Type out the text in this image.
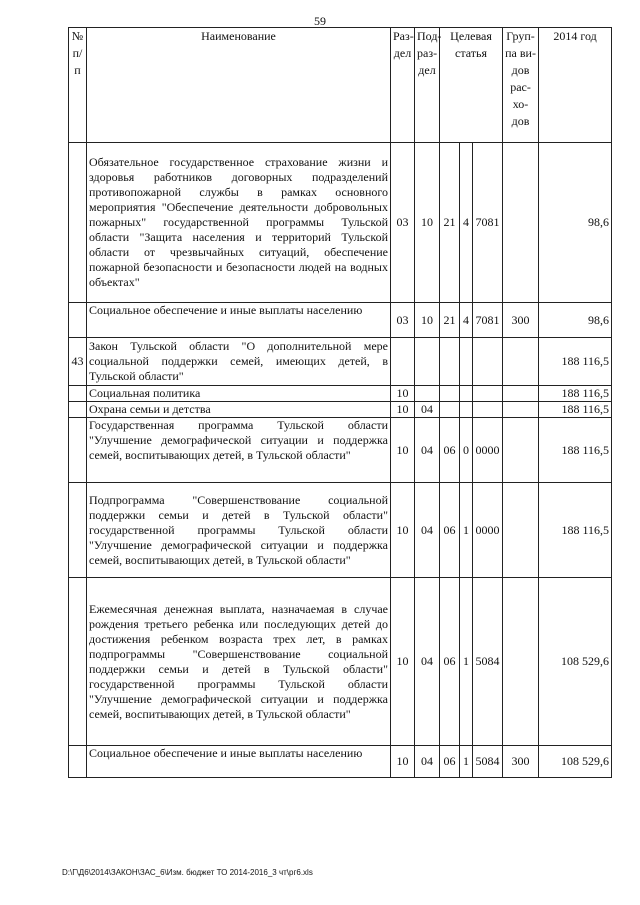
59
№ п/ п	Наименование	Раз- дел	Под- раз- дел	Целевая статья			Груп- па ви- дов рас- хо- дов	2014 год
	Обязательное государственное страхование жизни и здоровья работников договорных подразделений противопожарной службы в рамках основного мероприятия "Обеспечение деятельности добровольных пожарных" государственной программы Тульской области "Защита населения и территорий Тульской области от чрезвычайных ситуаций, обеспечение пожарной безопасности и безопасности людей на водных объектах"	03	10	21	4	7081		98,6
	Социальное обеспечение и иные выплаты населению	03	10	21	4	7081	300	98,6
43	Закон Тульской области "О дополнительной мере социальной поддержки семей, имеющих детей, в Тульской области"							188 116,5
	Социальная политика	10						188 116,5
	Охрана семьи и детства	10	04					188 116,5
	Государственная программа Тульской области "Улучшение демографической ситуации и поддержка семей, воспитывающих детей, в Тульской области"	10	04	06	0	0000		188 116,5
	Подпрограмма "Совершенствование социальной поддержки семьи и детей в Тульской области" государственной программы Тульской области "Улучшение демографической ситуации и поддержка семей, воспитывающих детей, в Тульской области"	10	04	06	1	0000		188 116,5
	Ежемесячная денежная выплата, назначаемая в случае рождения третьего ребенка или последующих детей до достижения ребенком возраста трех лет, в рамках подпрограммы "Совершенствование социальной поддержки семьи и детей в Тульской области" государственной программы Тульской области "Улучшение демографической ситуации и поддержка семей, воспитывающих детей, в Тульской области"	10	04	06	1	5084		108 529,6
	Социальное обеспечение и иные выплаты населению	10	04	06	1	5084	300	108 529,6
D:\Г\Д6\2014\ЗАКОН\ЗАС_6\Изм. бюджет ТО 2014-2016_3 чт\рг6.xls
